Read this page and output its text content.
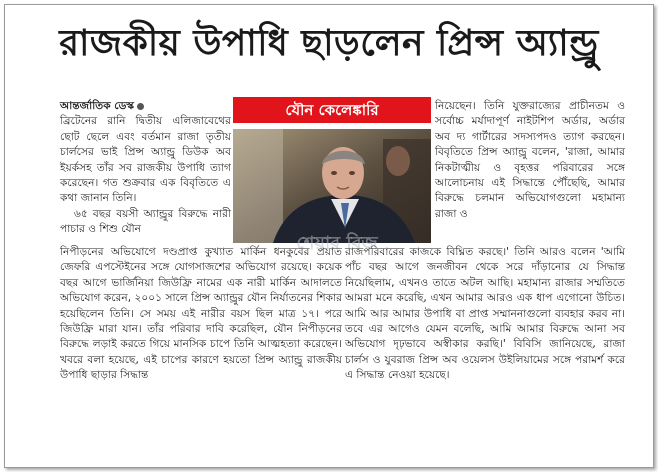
রাজকীয় উপাধি ছাড়লেন প্রিন্স অ্যান্ড্রু

আন্তর্জাতিক ডেস্ক

ব্রিটেনের রানি দ্বিতীয় এলিজাবেথের ছোট ছেলে এবং বর্তমান রাজা তৃতীয় চার্লসের ভাই প্রিন্স অ্যান্ড্রু ডিউক অব ইয়র্কসহ তাঁর সব রাজকীয় উপাধি ত্যাগ করেছেন। গত শুক্রবার এক বিবৃতিতে এ কথা জানান তিনি।

৬৫ বছর বয়সী অ্যান্ড্রুর বিরুদ্ধে নারী পাচার ও শিশু যৌন

যৌন কেলেঙ্কারি	নিয়েছেন। তিনি যুক্তরাজ্যের প্রাচীনতম ও সর্বোচ্চ মর্যাদাপূর্ণ নাইটশিপ অর্ডার, অর্ডার অব দ্য গার্টারের সদস্যপদও ত্যাগ করছেন। বিবৃতিতে প্রিন্স অ্যান্ড্রু বলেন, 'রাজা, আমার নিকটাত্মীয় ও বৃহত্তর পরিবারের সঙ্গে আলোচনায় এই সিদ্ধান্তে পৌঁছেছি, আমার বিরুদ্ধে চলমান অভিযোগগুলো মহামান্য রাজা ও

শেয়ার বিজ

নিপীড়নের অভিযোগে দণ্ডপ্রাপ্ত কুখ্যাত মার্কিন ধনকুবের প্রয়াত জেফরি এপস্টেইনের সঙ্গে যোগসাজশের অভিযোগ রয়েছে। কয়েক বছর আগে ভার্জিনিয়া জিউফ্রি নামের এক নারী মার্কিন আদালতে অভিযোগ করেন, ২০০১ সালে প্রিন্স অ্যান্ড্রুর যৌন নির্যাতনের শিকার হয়েছিলেন তিনি। সে সময় এই নারীর বয়স ছিল মাত্র ১৭। পরে জিউফ্রি মারা যান। তাঁর পরিবার দাবি করেছিল, যৌন নিপীড়নের বিরুদ্ধে লড়াই করতে গিয়ে মানসিক চাপে তিনি আত্মহত্যা করেছেন। খবরে বলা হয়েছে, এই চাপের কারণে হয়তো প্রিন্স অ্যান্ড্রু রাজকীয় উপাধি ছাড়ার সিদ্ধান্ত

রাজপরিবারের কাজকে বিঘ্নিত করছে।' তিনি আরও বলেন 'আমি পাঁচ বছর আগে জনজীবন থেকে সরে দাঁড়ানোর যে সিদ্ধান্ত নিয়েছিলাম, এখনও তাতে অটল আছি। মহামান্য রাজার সম্মতিতে আমরা মনে করেছি, এখন আমার আরও এক ধাপ এগোনো উচিত। আমি আর আমার উপাধি বা প্রাপ্ত সম্মাননাগুলো ব্যবহার করব না। তবে এর আগেও যেমন বলেছি, আমি আমার বিরুদ্ধে আনা সব অভিযোগ দৃঢ়ভাবে অস্বীকার করছি।' বিবিসি জানিয়েছে, রাজা চার্লস ও যুবরাজ প্রিন্স অব ওয়েলস উইলিয়ামের সঙ্গে পরামর্শ করে এ সিদ্ধান্ত নেওয়া হয়েছে।
